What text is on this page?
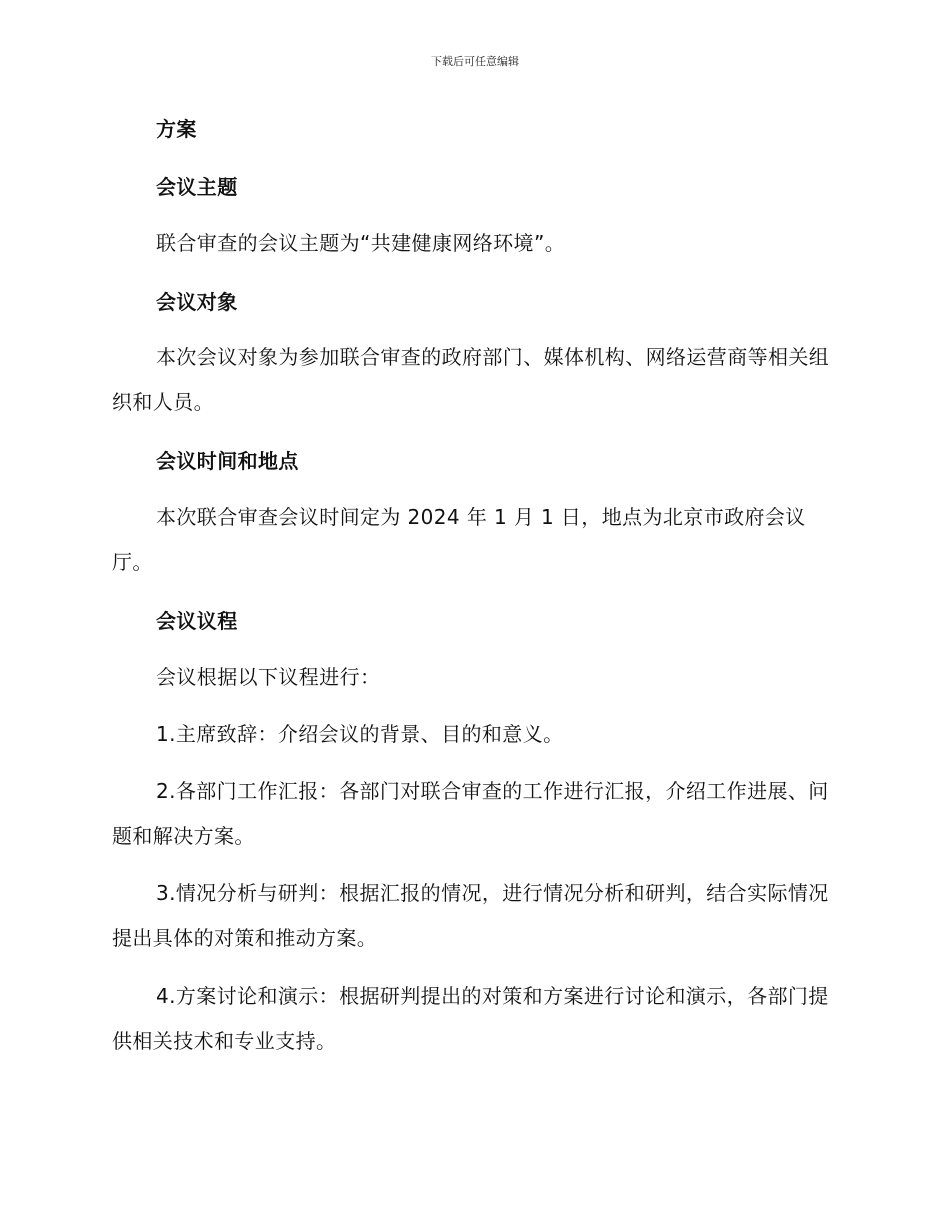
下载后可任意编辑
方案
会议主题
联合审查的会议主题为“共建健康网络环境”。
会议对象
本次会议对象为参加联合审查的政府部门、媒体机构、网络运营商等相关组织和人员。
会议时间和地点
本次联合审查会议时间定为 2024 年 1 月 1 日，地点为北京市政府会议厅。
会议议程
会议根据以下议程进行：
1.主席致辞：介绍会议的背景、目的和意义。
2.各部门工作汇报：各部门对联合审查的工作进行汇报，介绍工作进展、问题和解决方案。
3.情况分析与研判：根据汇报的情况，进行情况分析和研判，结合实际情况提出具体的对策和推动方案。
4.方案讨论和演示：根据研判提出的对策和方案进行讨论和演示，各部门提供相关技术和专业支持。
